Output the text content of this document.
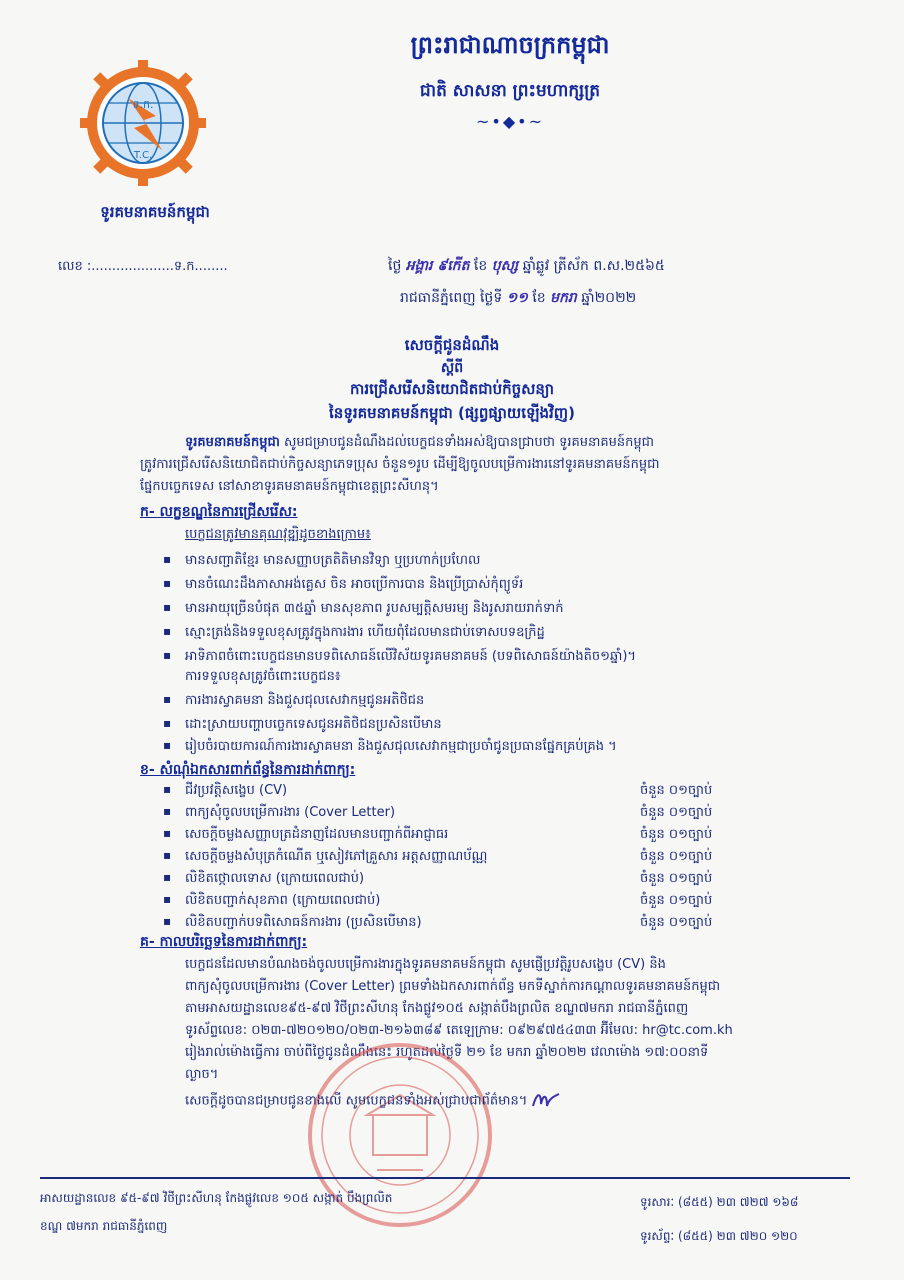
ទ.ក.
T.C.
ព្រះរាជាណាចក្រកម្ពុជា
ជាតិ សាសនា ព្រះមហាក្សត្រ
~•◆•~
ទូរគមនាគមន៍កម្ពុជា
លេខ :....................ទ.ក........	ថ្ងៃ អង្គារ ៩កើត ខែ បុស្ស ឆ្នាំឆ្លូវ ត្រីស័ក ព.ស.២៥៦៥
រាជធានីភ្នំពេញ ថ្ងៃទី ១១ ខែ មករា ឆ្នាំ២០២២
សេចក្តីជូនដំណឹង
ស្តីពី
ការជ្រើសរើសនិយោជិតជាប់កិច្ចសន្យា
នៃទូរគមនាគមន៍កម្ពុជា (ផ្សព្វផ្សាយឡើងវិញ)
ទូរគមនាគមន៍កម្ពុជា សូមជម្រាបជូនដំណឹងដល់បេក្ខជនទាំងអស់ឱ្យបានជ្រាបថា ទូរគមនាគមន៍កម្ពុជា
ត្រូវការជ្រើសរើសនិយោជិតជាប់កិច្ចសន្យាភេទប្រុស ចំនួន១រូប ដើម្បីឱ្យចូលបម្រើការងារនៅទូរគមនាគមន៍កម្ពុជា
ផ្នែកបច្ចេកទេស នៅសាខាទូរគមនាគមន៍កម្ពុជាខេត្តព្រះសីហនុ។
ក- លក្ខខណ្ឌនៃការជ្រើសរើស:
បេក្ខជនត្រូវមានគុណវុឌ្ឍិដូចខាងក្រោម៖
▪ មានសញ្ជាតិខ្មែរ មានសញ្ញាបត្រតិតិមានវិទ្យា ឬប្រហាក់ប្រហែល
▪ មានចំណេះដឹងភាសាអង់គ្លេស ចិន អាចប្រើការបាន និងប្រើប្រាស់កុំព្យូទ័រ
▪ មានអាយុច្រើនបំផុត ៣៥ឆ្នាំ មានសុខភាព រូបសម្បត្តិសមរម្យ និងរូសរាយរាក់ទាក់
▪ ស្មោះត្រង់និងទទួលខុសត្រូវក្នុងការងារ ហើយពុំដែលមានជាប់ទោសបទឧក្រិដ្ឋ
▪ អាទិភាពចំពោះបេក្ខជនមានបទពិសោធន៍លើវិស័យទូរគមនាគមន៍ (បទពិសោធន៍យ៉ាងតិច១ឆ្នាំ)។
ការទទួលខុសត្រូវចំពោះបេក្ខជន៖
▪ ការងារស្វាគមនា និងជួសជុលសេវាកម្មជូនអតិថិជន
▪ ដោះស្រាយបញ្ហាបច្ចេកទេសជូនអតិថិជនប្រសិនបើមាន
▪ រៀបចំរបាយការណ៍ការងារស្វាគមនា និងជួសជុលសេវាកម្មជាប្រចាំជូនប្រធានផ្នែកគ្រប់គ្រង ។
ខ- សំណុំឯកសារពាក់ព័ន្ធនៃការដាក់ពាក្យ:
▪ ជីវប្រវត្តិសង្ខេប (CV)	ចំនួន ០១ច្បាប់
▪ ពាក្យសុំចូលបម្រើការងារ (Cover Letter)	ចំនួន ០១ច្បាប់
▪ សេចក្តីចម្លងសញ្ញាបត្រដំនាញដែលមានបញ្ជាក់ពីអាជ្ញាធរ	ចំនួន ០១ច្បាប់
▪ សេចក្តីចម្លងសំបុត្រកំណើត ឬសៀវភៅគ្រួសារ អត្តសញ្ញាណប័ណ្ណ	ចំនួន ០១ច្បាប់
▪ លិខិតថ្កោលទោស (ក្រោយពេលជាប់)	ចំនួន ០១ច្បាប់
▪ លិខិតបញ្ជាក់សុខភាព (ក្រោយពេលជាប់)	ចំនួន ០១ច្បាប់
▪ លិខិតបញ្ជាក់បទពិសោធន៍ការងារ (ប្រសិនបើមាន)	ចំនួន ០១ច្បាប់
គ- កាលបរិច្ឆេទនៃការដាក់ពាក្យ:
បេក្ខជនដែលមានបំណងចង់ចូលបម្រើការងារក្នុងទូរគមនាគមន៍កម្ពុជា សូមផ្ញើប្រវត្តិរូបសង្ខេប (CV) និង
ពាក្យសុំចូលបម្រើការងារ (Cover Letter) ព្រមទាំងឯកសារពាក់ព័ន្ធ មកទីស្នាក់ការកណ្តាលទូរគមនាគមន៍កម្ពុជា
តាមអាសយដ្ឋានលេខ៩៥-៩៧ វិថីព្រះសីហនុ កែងផ្លូវ១០៥ សង្កាត់បឹងព្រលិត ខណ្ឌ៧មករា រាជធានីភ្នំពេញ
ទូរស័ព្ទលេខ: ០២៣-៧២០១២០/០២៣-២១៦៣៨៩ តេឡេក្រាម: ០៩២៩៧៥៤៣៣ អ៊ីមែល: hr@tc.com.kh
រៀងរាល់ម៉ោងធ្វើការ ចាប់ពីថ្ងៃជូនដំណឹងនេះ រហូតដល់ថ្ងៃទី ២១ ខែ មករា ឆ្នាំ២០២២ វេលាម៉ោង ១៧:០០នាទី
ល្ងាច។
សេចក្តីដូចបានជម្រាបជូនខាងលើ សូមបេក្ខជនទាំងអស់ជ្រាបជាព័ត៌មាន។
អាសយដ្ឋានលេខ ៩៥-៩៧ វិថីព្រះសីហនុ កែងផ្លូវលេខ ១០៥ សង្កាត់ បឹងព្រលិត
ខណ្ឌ ៧មករា រាជធានីភ្នំពេញ
ទូរសារៈ (៨៥៥) ២៣ ៧២៧ ១៦៨
ទូរស័ព្ទៈ (៨៥៥) ២៣ ៧២០ ១២០
